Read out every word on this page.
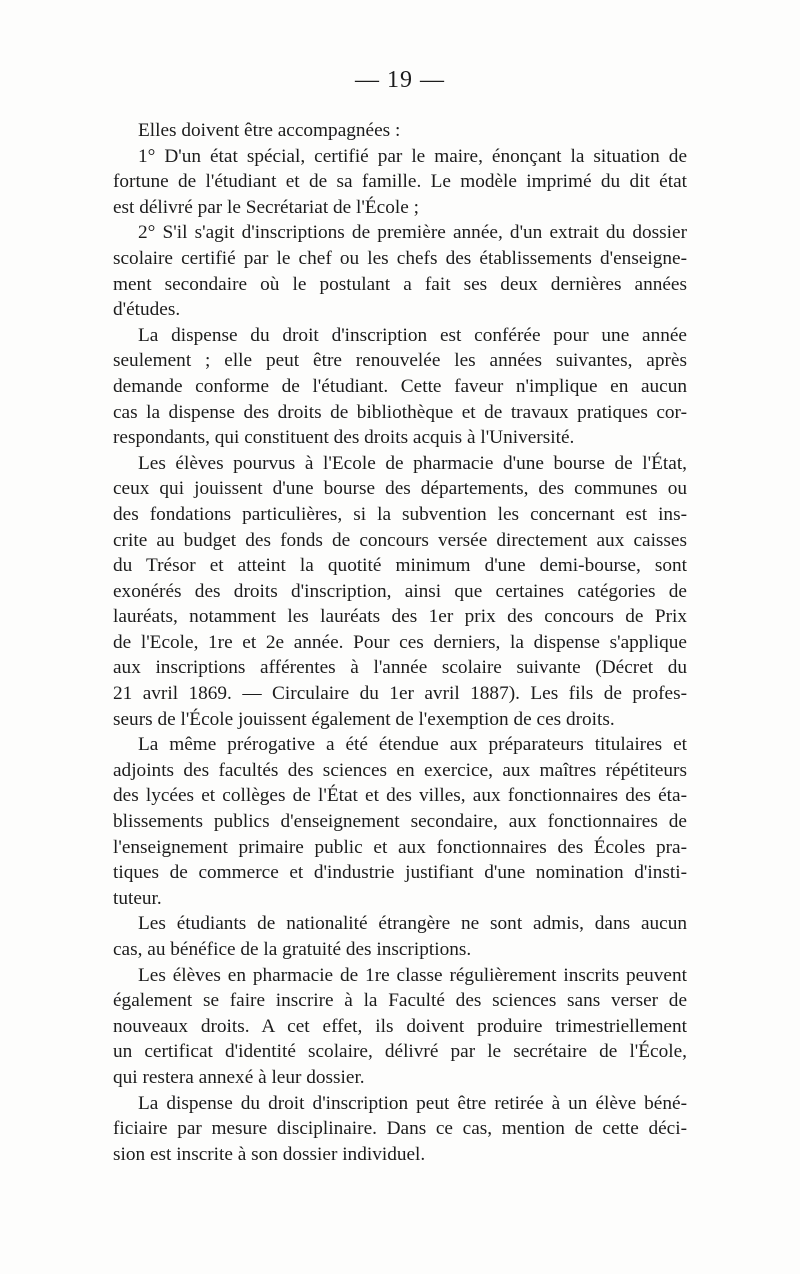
— 19 —
Elles doivent être accompagnées :
1° D'un état spécial, certifié par le maire, énonçant la situation de
fortune de l'étudiant et de sa famille. Le modèle imprimé du dit état
est délivré par le Secrétariat de l'École ;
2° S'il s'agit d'inscriptions de première année, d'un extrait du dossier
scolaire certifié par le chef ou les chefs des établissements d'enseigne-
ment secondaire où le postulant a fait ses deux dernières années
d'études.
La dispense du droit d'inscription est conférée pour une année
seulement ; elle peut être renouvelée les années suivantes, après
demande conforme de l'étudiant. Cette faveur n'implique en aucun
cas la dispense des droits de bibliothèque et de travaux pratiques cor-
respondants, qui constituent des droits acquis à l'Université.
Les élèves pourvus à l'Ecole de pharmacie d'une bourse de l'État,
ceux qui jouissent d'une bourse des départements, des communes ou
des fondations particulières, si la subvention les concernant est ins-
crite au budget des fonds de concours versée directement aux caisses
du Trésor et atteint la quotité minimum d'une demi-bourse, sont
exonérés des droits d'inscription, ainsi que certaines catégories de
lauréats, notamment les lauréats des 1er prix des concours de Prix
de l'Ecole, 1re et 2e année. Pour ces derniers, la dispense s'applique
aux inscriptions afférentes à l'année scolaire suivante (Décret du
21 avril 1869. — Circulaire du 1er avril 1887). Les fils de profes-
seurs de l'École jouissent également de l'exemption de ces droits.
La même prérogative a été étendue aux préparateurs titulaires et
adjoints des facultés des sciences en exercice, aux maîtres répétiteurs
des lycées et collèges de l'État et des villes, aux fonctionnaires des éta-
blissements publics d'enseignement secondaire, aux fonctionnaires de
l'enseignement primaire public et aux fonctionnaires des Écoles pra-
tiques de commerce et d'industrie justifiant d'une nomination d'insti-
tuteur.
Les étudiants de nationalité étrangère ne sont admis, dans aucun
cas, au bénéfice de la gratuité des inscriptions.
Les élèves en pharmacie de 1re classe régulièrement inscrits peuvent
également se faire inscrire à la Faculté des sciences sans verser de
nouveaux droits. A cet effet, ils doivent produire trimestriellement
un certificat d'identité scolaire, délivré par le secrétaire de l'École,
qui restera annexé à leur dossier.
La dispense du droit d'inscription peut être retirée à un élève béné-
ficiaire par mesure disciplinaire. Dans ce cas, mention de cette déci-
sion est inscrite à son dossier individuel.
